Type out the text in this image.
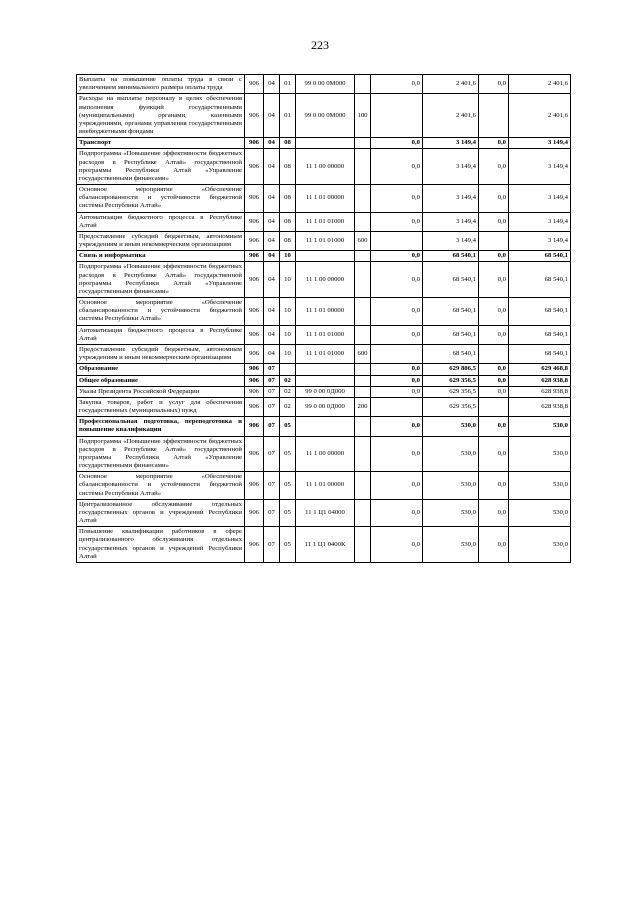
223
Выплаты на повышение оплаты труда в связи с увеличением минимального размера оплаты труда	906	04	01	99 0 00 0М000		0,0	2 401,6	0,0	2 401,6
Расходы на выплаты персоналу в целях обеспечения выполнения функций государственными (муниципальными) органами, казенными учреждениями, органами управления государственными внебюджетными фондами	906	04	01	99 0 00 0М000	100		2 401,6		2 401,6
Транспорт	906	04	08			0,0	3 149,4	0,0	3 149,4
Подпрограмма «Повышение эффективности бюджетных расходов в Республике Алтай» государственной программы Республики Алтай «Управление государственными финансами»	906	04	08	11 1 00 00000		0,0	3 149,4	0,0	3 149,4
Основное мероприятие «Обеспечение сбалансированности и устойчивости бюджетной системы Республики Алтай»	906	04	08	11 1 01 00000		0,0	3 149,4	0,0	3 149,4
Автоматизация бюджетного процесса в Республике Алтай	906	04	08	11 1 01 01000		0,0	3 149,4	0,0	3 149,4
Предоставление субсидий бюджетным, автономным учреждениям и иным некоммерческим организациям	906	04	08	11 1 01 01000	600		3 149,4		3 149,4
Связь и информатика	906	04	10			0,0	68 540,1	0,0	68 540,1
Подпрограмма «Повышение эффективности бюджетных расходов в Республике Алтай» государственной программы Республики Алтай «Управление государственными финансами»	906	04	10	11 1 00 00000		0,0	68 540,1	0,0	68 540,1
Основное мероприятие «Обеспечение сбалансированности и устойчивости бюджетной системы Республики Алтай»	906	04	10	11 1 01 00000		0,0	68 540,1	0,0	68 540,1
Автоматизация бюджетного процесса в Республике Алтай	906	04	10	11 1 01 01000		0,0	68 540,1	0,0	68 540,1
Предоставление субсидий бюджетным, автономным учреждениям и иным некоммерческим организациям	906	04	10	11 1 01 01000	600		68 540,1		68 540,1
Образование	906	07				0,0	629 886,5	0,0	629 468,8
Общее образование	906	07	02			0,0	629 356,5	0,0	628 938,8
Указы Президента Российской Федерации	906	07	02	99 0 00 0Д000		0,0	629 356,5	0,0	628 938,8
Закупка товаров, работ и услуг для обеспечения государственных (муниципальных) нужд	906	07	02	99 0 00 0Д000	200		629 356,5		628 938,8
Профессиональная подготовка, переподготовка и повышение квалификации	906	07	05			0,0	530,0	0,0	530,0
Подпрограмма «Повышение эффективности бюджетных расходов в Республике Алтай» государственной программы Республики Алтай «Управление государственными финансами»	906	07	05	11 1 00 00000		0,0	530,0	0,0	530,0
Основное мероприятие «Обеспечение сбалансированности и устойчивости бюджетной системы Республики Алтай»	906	07	05	11 1 01 00000		0,0	530,0	0,0	530,0
Централизованное обслуживание отдельных государственных органов и учреждений Республики Алтай	906	07	05	11 1 Ц1 04000		0,0	530,0	0,0	530,0
Повышение квалификации работников в сфере централизованного обслуживания отдельных государственных органов и учреждений Республики Алтай	906	07	05	11 1 Ц1 0400К		0,0	530,0	0,0	530,0
